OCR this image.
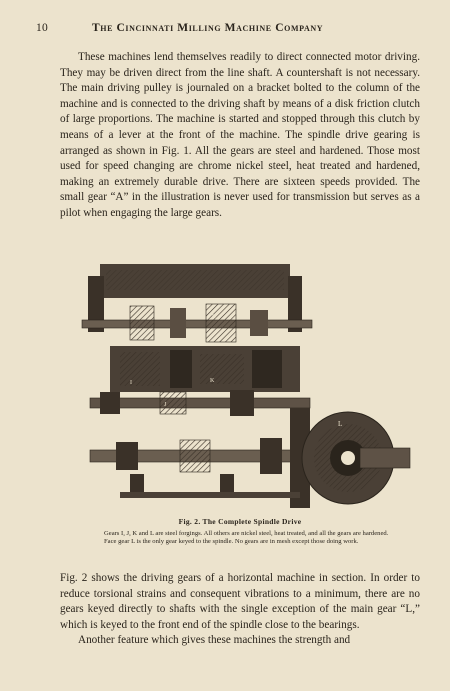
10	The Cincinnati Milling Machine Company

These machines lend themselves readily to direct connected motor driving. They may be driven direct from the line shaft. A countershaft is not necessary. The main driving pulley is journaled on a bracket bolted to the column of the machine and is connected to the driving shaft by means of a disk friction clutch of large proportions. The machine is started and stopped through this clutch by means of a lever at the front of the machine. The spindle drive gearing is arranged as shown in Fig. 1. All the gears are steel and hardened. Those most used for speed changing are chrome nickel steel, heat treated and hardened, making an extremely durable drive. There are sixteen speeds provided. The small gear “A” in the illustration is never used for transmission but serves as a pilot when engaging the large gears.

U
I	K
J
L
Fig. 2. The Complete Spindle Drive
Gears I, J, K and L are steel forgings. All others are nickel steel, heat treated, and all the gears are hardened. Face gear L is the only gear keyed to the spindle. No gears are in mesh except those doing work.

Fig. 2 shows the driving gears of a horizontal machine in section. In order to reduce torsional strains and consequent vibrations to a minimum, there are no gears keyed directly to shafts with the single exception of the main gear “L,” which is keyed to the front end of the spindle close to the bearings.

Another feature which gives these machines the strength and
